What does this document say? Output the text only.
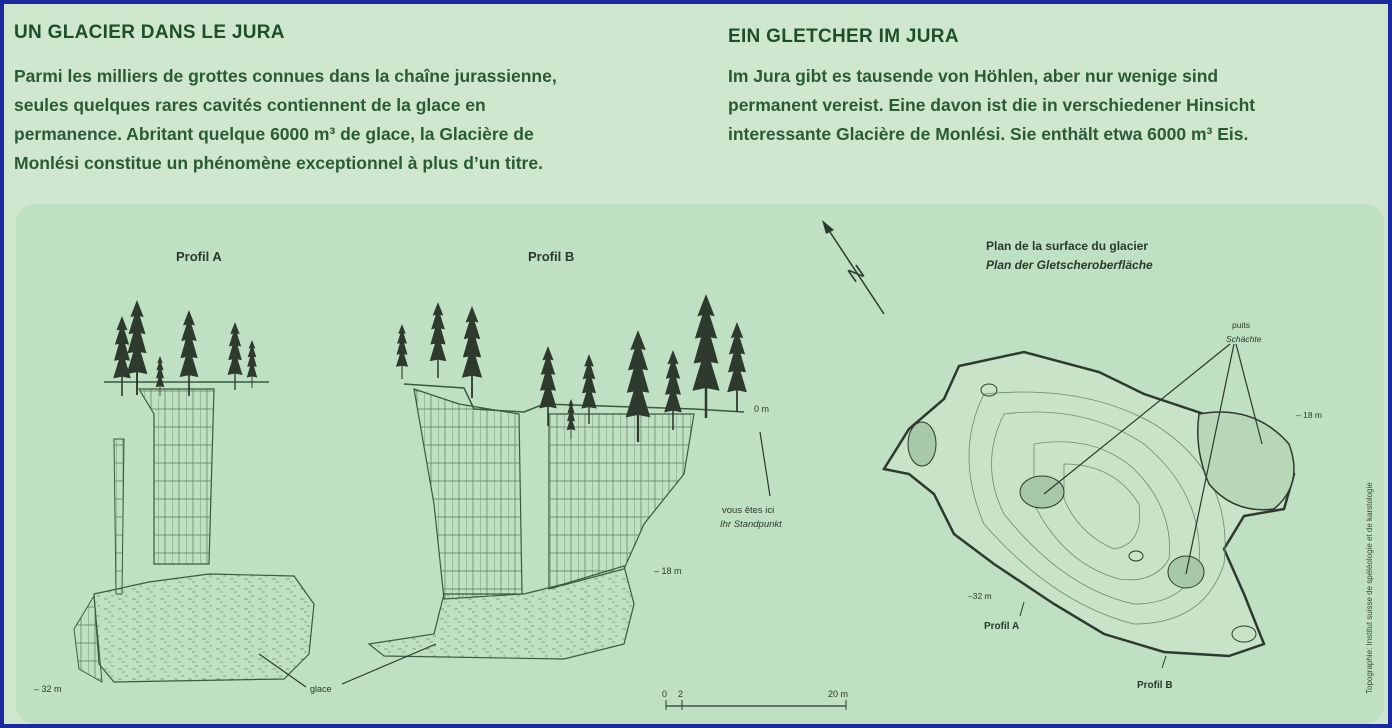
UN GLACIER DANS LE JURA
Parmi les milliers de grottes connues dans la chaîne jurassienne,
seules quelques rares cavités contiennent de la glace en
permanence. Abritant quelque 6000 m³ de glace, la Glacière de
Monlési constitue un phénomène exceptionnel à plus d’un titre.
EIN GLETCHER IM JURA
Im Jura gibt es tausende von Höhlen, aber nur wenige sind
permanent vereist. Eine davon ist die in verschiedener Hinsicht
interessante Glacière de Monlési. Sie enthält etwa 6000 m³ Eis.
Profil A	Profil B
0 m
– 18 m
– 32 m
vous êtes ici
Ihr Standpunkt
glace	0 2	20 m
N
Plan de la surface du glacier
Plan der Gletscheroberfläche
puits
Schächte
– 18 m
–32 m
Profil A
Profil B	Topographie: Institut suisse de spéléologie et de karstologie
